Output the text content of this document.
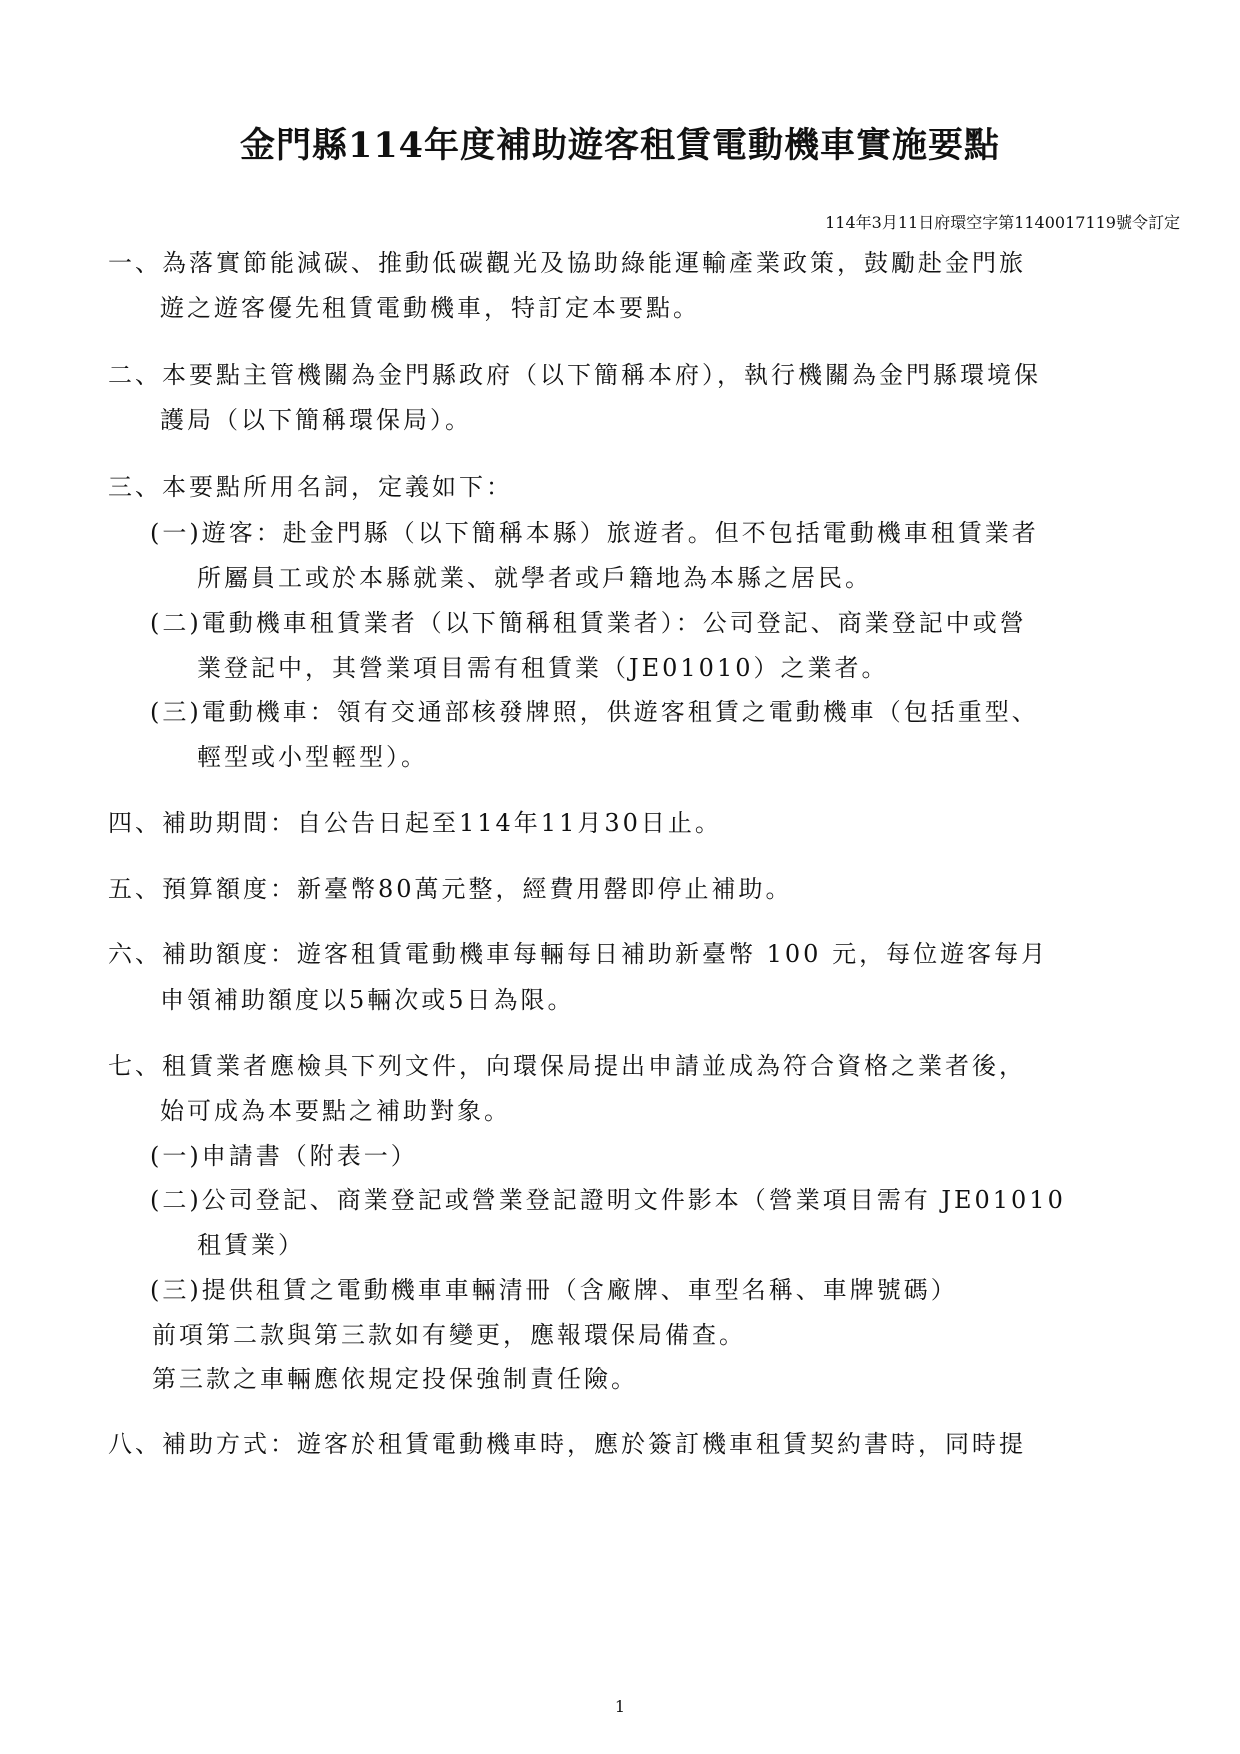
金門縣114年度補助遊客租賃電動機車實施要點
114年3月11日府環空字第1140017119號令訂定
一、為落實節能減碳、推動低碳觀光及協助綠能運輸產業政策，鼓勵赴金門旅
遊之遊客優先租賃電動機車，特訂定本要點。
二、本要點主管機關為金門縣政府（以下簡稱本府），執行機關為金門縣環境保
護局（以下簡稱環保局）。
三、本要點所用名詞，定義如下：
(一)遊客：赴金門縣（以下簡稱本縣）旅遊者。但不包括電動機車租賃業者
所屬員工或於本縣就業、就學者或戶籍地為本縣之居民。
(二)電動機車租賃業者（以下簡稱租賃業者）：公司登記、商業登記中或營
業登記中，其營業項目需有租賃業（JE01010）之業者。
(三)電動機車：領有交通部核發牌照，供遊客租賃之電動機車（包括重型、
輕型或小型輕型）。
四、補助期間：自公告日起至114年11月30日止。
五、預算額度：新臺幣80萬元整，經費用罄即停止補助。
六、補助額度：遊客租賃電動機車每輛每日補助新臺幣 100 元，每位遊客每月
申領補助額度以5輛次或5日為限。
七、租賃業者應檢具下列文件，向環保局提出申請並成為符合資格之業者後，
始可成為本要點之補助對象。
(一)申請書（附表一）
(二)公司登記、商業登記或營業登記證明文件影本（營業項目需有 JE01010
租賃業）
(三)提供租賃之電動機車車輛清冊（含廠牌、車型名稱、車牌號碼）
前項第二款與第三款如有變更，應報環保局備查。
第三款之車輛應依規定投保強制責任險。
八、補助方式：遊客於租賃電動機車時，應於簽訂機車租賃契約書時，同時提
1
